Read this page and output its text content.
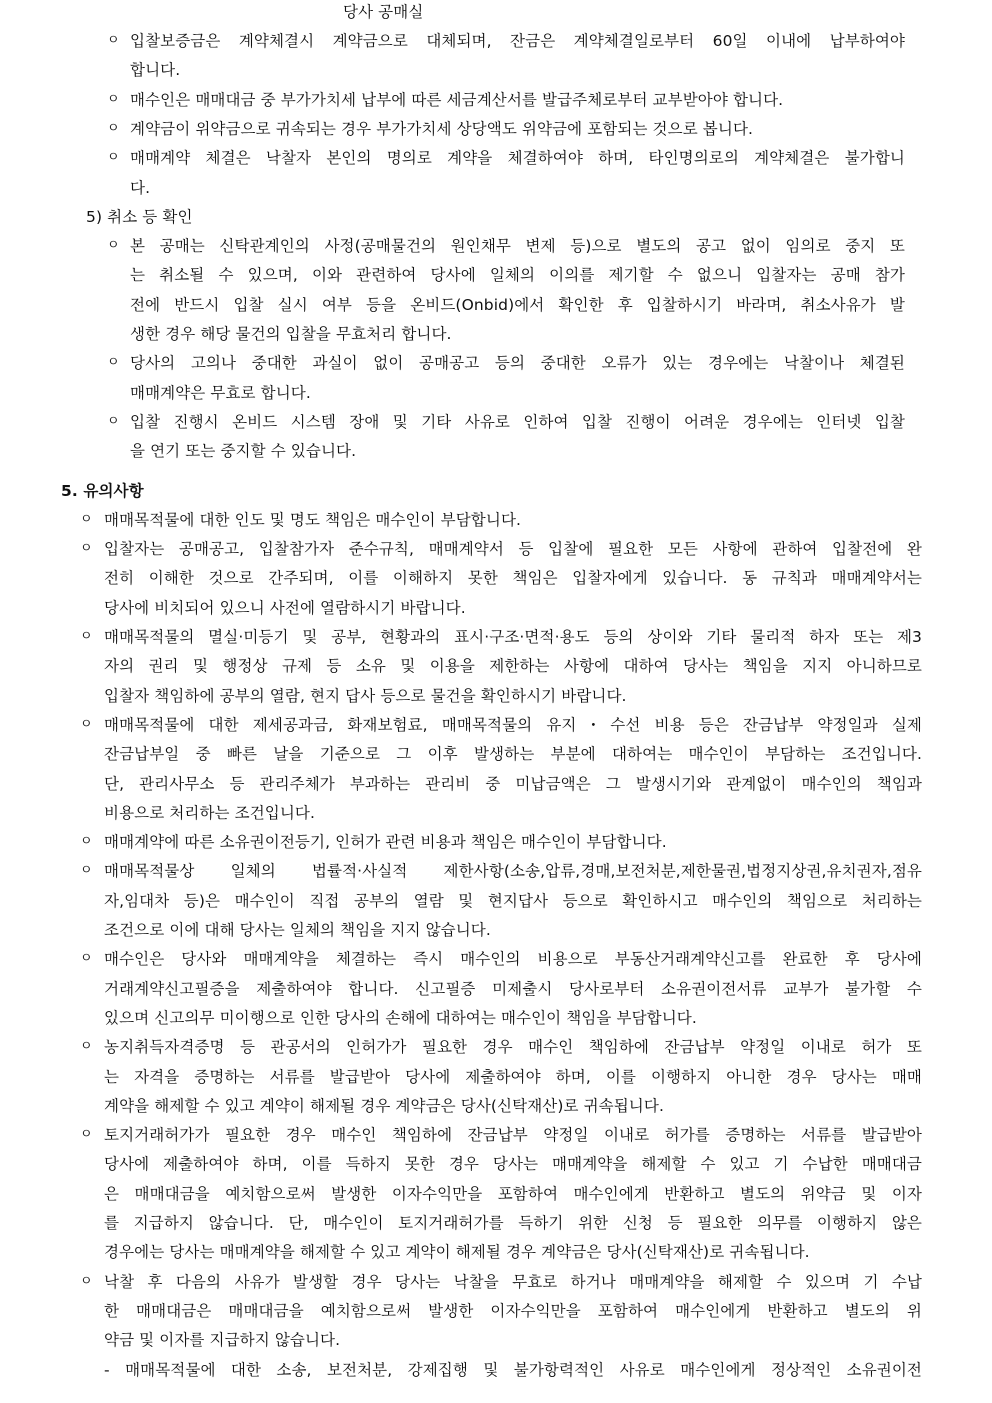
당사 공매실
ㅇ 입찰보증금은 계약체결시 계약금으로 대체되며, 잔금은 계약체결일로부터 60일 이내에 납부하여야
합니다.
ㅇ 매수인은 매매대금 중 부가가치세 납부에 따른 세금계산서를 발급주체로부터 교부받아야 합니다.
ㅇ 계약금이 위약금으로 귀속되는 경우 부가가치세 상당액도 위약금에 포함되는 것으로 봅니다.
ㅇ 매매계약 체결은 낙찰자 본인의 명의로 계약을 체결하여야 하며, 타인명의로의 계약체결은 불가합니
다.
5) 취소 등 확인
ㅇ 본 공매는 신탁관계인의 사정(공매물건의 원인채무 변제 등)으로 별도의 공고 없이 임의로 중지 또
는 취소될 수 있으며, 이와 관련하여 당사에 일체의 이의를 제기할 수 없으니 입찰자는 공매 참가
전에 반드시 입찰 실시 여부 등을 온비드(Onbid)에서 확인한 후 입찰하시기 바라며, 취소사유가 발
생한 경우 해당 물건의 입찰을 무효처리 합니다.
ㅇ 당사의 고의나 중대한 과실이 없이 공매공고 등의 중대한 오류가 있는 경우에는 낙찰이나 체결된
매매계약은 무효로 합니다.
ㅇ 입찰 진행시 온비드 시스템 장애 및 기타 사유로 인하여 입찰 진행이 어려운 경우에는 인터넷 입찰
을 연기 또는 중지할 수 있습니다.
5. 유의사항
ㅇ 매매목적물에 대한 인도 및 명도 책임은 매수인이 부담합니다.
ㅇ 입찰자는 공매공고, 입찰참가자 준수규칙, 매매계약서 등 입찰에 필요한 모든 사항에 관하여 입찰전에 완
전히 이해한 것으로 간주되며, 이를 이해하지 못한 책임은 입찰자에게 있습니다. 동 규칙과 매매계약서는
당사에 비치되어 있으니 사전에 열람하시기 바랍니다.
ㅇ 매매목적물의 멸실·미등기 및 공부, 현황과의 표시·구조·면적·용도 등의 상이와 기타 물리적 하자 또는 제3
자의 권리 및 행정상 규제 등 소유 및 이용을 제한하는 사항에 대하여 당사는 책임을 지지 아니하므로
입찰자 책임하에 공부의 열람, 현지 답사 등으로 물건을 확인하시기 바랍니다.
ㅇ 매매목적물에 대한 제세공과금, 화재보험료, 매매목적물의 유지・수선 비용 등은 잔금납부 약정일과 실제
잔금납부일 중 빠른 날을 기준으로 그 이후 발생하는 부분에 대하여는 매수인이 부담하는 조건입니다.
단, 관리사무소 등 관리주체가 부과하는 관리비 중 미납금액은 그 발생시기와 관계없이 매수인의 책임과
비용으로 처리하는 조건입니다.
ㅇ 매매계약에 따른 소유권이전등기, 인허가 관련 비용과 책임은 매수인이 부담합니다.
ㅇ 매매목적물상 일체의 법률적·사실적 제한사항(소송,압류,경매,보전처분,제한물권,법정지상권,유치권자,점유
자,임대차 등)은 매수인이 직접 공부의 열람 및 현지답사 등으로 확인하시고 매수인의 책임으로 처리하는
조건으로 이에 대해 당사는 일체의 책임을 지지 않습니다.
ㅇ 매수인은 당사와 매매계약을 체결하는 즉시 매수인의 비용으로 부동산거래계약신고를 완료한 후 당사에
거래계약신고필증을 제출하여야 합니다. 신고필증 미제출시 당사로부터 소유권이전서류 교부가 불가할 수
있으며 신고의무 미이행으로 인한 당사의 손해에 대하여는 매수인이 책임을 부담합니다.
ㅇ 농지취득자격증명 등 관공서의 인허가가 필요한 경우 매수인 책임하에 잔금납부 약정일 이내로 허가 또
는 자격을 증명하는 서류를 발급받아 당사에 제출하여야 하며, 이를 이행하지 아니한 경우 당사는 매매
계약을 해제할 수 있고 계약이 해제될 경우 계약금은 당사(신탁재산)로 귀속됩니다.
ㅇ 토지거래허가가 필요한 경우 매수인 책임하에 잔금납부 약정일 이내로 허가를 증명하는 서류를 발급받아
당사에 제출하여야 하며, 이를 득하지 못한 경우 당사는 매매계약을 해제할 수 있고 기 수납한 매매대금
은 매매대금을 예치함으로써 발생한 이자수익만을 포함하여 매수인에게 반환하고 별도의 위약금 및 이자
를 지급하지 않습니다. 단, 매수인이 토지거래허가를 득하기 위한 신청 등 필요한 의무를 이행하지 않은
경우에는 당사는 매매계약을 해제할 수 있고 계약이 해제될 경우 계약금은 당사(신탁재산)로 귀속됩니다.
ㅇ 낙찰 후 다음의 사유가 발생할 경우 당사는 낙찰을 무효로 하거나 매매계약을 해제할 수 있으며 기 수납
한 매매대금은 매매대금을 예치함으로써 발생한 이자수익만을 포함하여 매수인에게 반환하고 별도의 위
약금 및 이자를 지급하지 않습니다.
- 매매목적물에 대한 소송, 보전처분, 강제집행 및 불가항력적인 사유로 매수인에게 정상적인 소유권이전
